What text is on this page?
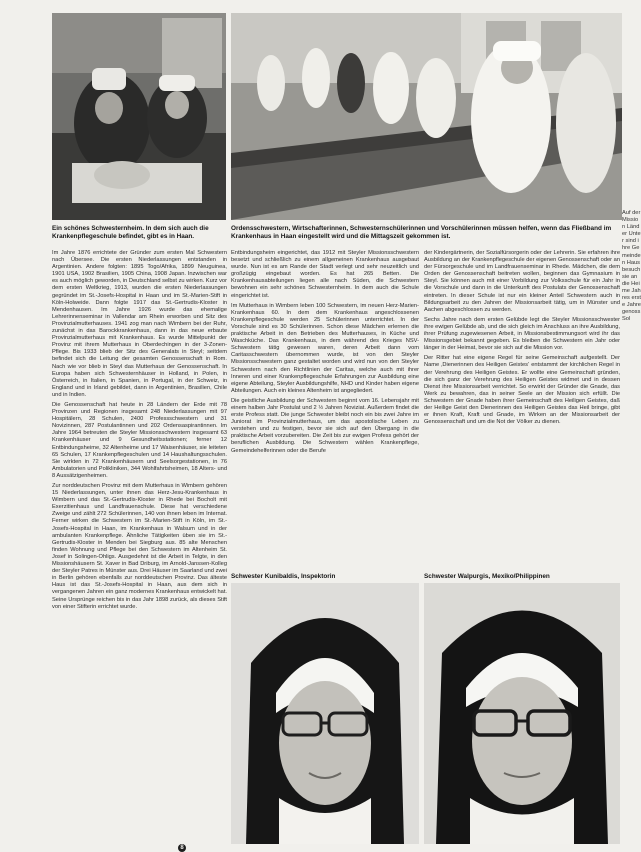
Ein schönes Schwesternheim. In dem sich auch die Krankenpflegeschule befindet, gibt es in Haan.
Ordensschwestern, Wirtschafterinnen, Schwesternschülerinnen und Vorschülerinnen müssen helfen, wenn das Fließband im Krankenhaus in Haan eingestellt wird und die Mittagszeit gekommen ist.

Im Jahre 1876 errichtete der Gründer zum ersten Mal Schwestern nach Übersee. Die ersten Niederlassungen entstanden in Argentinien. Andere folgten: 1895 Togo/Afrika, 1899 Neuguinea, 1901 USA, 1902 Brasilien, 1905 China, 1908 Japan. Inzwischen war es auch möglich geworden, in Deutschland selbst zu wirken. Kurz vor dem ersten Weltkrieg, 1913, wurden die ersten Niederlassungen gegründet im St.-Josefs-Hospital in Haan und im St.-Marien-Stift in Köln-Holweide. Dann folgte 1917 das St.-Gertrudis-Kloster in Mendenhausen. Im Jahre 1926 wurde das ehemalige Lehrerinnenseminar in Vallendar am Rhein erworben und Sitz des Provinzialmutterhauses. 1941 zog man nach Wimbern bei der Ruhr, zunächst in das Barockkrankenhaus, dann in das neue erbaute Provinzialmutterhaus mit Krankenhaus. Es wurde Mittelpunkt der Provinz mit ihrem Mutterhaus in Oberdechingen in der 3-Zonen-Pflege. Bis 1933 blieb der Sitz des Generalats in Steyl; seitdem befindet sich die Leitung der gesamten Genossenschaft in Rom. Nach wie vor blieb in Steyl das Mutterhaus der Genossenschaft. In Europa haben sich Schwesternhäuser in Holland, in Polen, in Österreich, in Italien, in Spanien, in Portugal, in der Schweiz, in England und in Irland gebildet, dann in Argentinien, Brasilien, Chile und in Indien.

Die Genossenschaft hat heute in 28 Ländern der Erde mit 78 Provinzen und Regionen insgesamt 248 Niederlassungen mit 97 Hospitälern, 28 Schulen, 2400 Professschwestern und 31 Novizinnen, 287 Postulantinnen und 202 Ordensaspirantinnen. Im Jahre 1964 betreuten die Steyler Missionsschwestern insgesamt 63 Krankenhäuser und 9 Gesundheitsstationen; ferner 12 Entbindungsheime, 32 Altenheime und 17 Waisenhäuser, sie leiteten 65 Schulen, 17 Krankenpflegeschulen und 14 Haushaltungsschulen. Sie wirkten in 72 Krankenhäusern und Seelsorgestationen, in 76 Ambulatorien und Polikliniken, 344 Wohlfahrtsheimen, 18 Alters- und 8 Aussätzigenheimen.

Zur norddeutschen Provinz mit dem Mutterhaus in Wimbern gehören 15 Niederlassungen, unter ihnen das Herz-Jesu-Krankenhaus in Wimbern und das St.-Gertrudis-Kloster in Rhede bei Bocholt mit Exerzitienhaus und Landfrauenschule. Diese hat verschiedene Zweige und zählt 272 Schülerinnen, 140 von ihnen leben im Internat. Ferner wirken die Schwestern im St.-Marien-Stift in Köln, im St.-Josefs-Hospital in Haan, im Krankenhaus in Walsum und in der ambulanten Krankenpflege. Ähnliche Tätigkeiten üben sie im St.-Gertrudis-Kloster in Menden bei Siegburg aus. 85 alte Menschen finden Wohnung und Pflege bei den Schwestern im Altenheim St. Josef in Solingen-Ohligs. Ausgedehnt ist die Arbeit in Telgte, in den Missionshäusern St. Xaver in Bad Driburg, im Arnold-Janssen-Kolleg der Steyler Patres in Münster aus. Drei Häuser im Saarland und zwei in Berlin gehören ebenfalls zur norddeutschen Provinz. Das älteste Haus ist das St.-Josefs-Hospital in Haan, aus dem sich in vergangenen Jahren ein ganz modernes Krankenhaus entwickelt hat. Seine Ursprünge reichen bis in das Jahr 1898 zurück, als dieses Stift von einer Stifterin errichtet wurde.

Entbindungsheim eingerichtet, das 1912 mit Steyler Missionsschwestern besetzt und schließlich zu einem allgemeinen Krankenhaus ausgebaut wurde. Nun ist es am Rande der Stadt verlegt und sehr neuzeitlich und großzügig eingebaut worden. Es hat 265 Betten. Die Krankenhausabteilungen liegen alle nach Süden, die Schwestern bewohnen ein sehr schönes Schwesternheim. In dem auch die Schule eingerichtet ist.

Im Mutterhaus in Wimbern leben 100 Schwestern, im neuen Herz-Marien-Krankenhaus 60. In dem dem Krankenhaus angeschlossenen Krankenpflegeschule werden 25 Schülerinnen unterrichtet. In der Vorschule sind es 30 Schülerinnen. Schon diese Mädchen erlernen die praktische Arbeit in den Betrieben des Mutterhauses, in Küche und Waschküche. Das Krankenhaus, in dem während des Krieges NSV-Schwestern tätig gewesen waren, deren Arbeit dann vom Caritasschwestern übernommen wurde, ist von den Steyler Missionsschwestern ganz gestaltet worden und wird nun von den Steyler Schwestern nach den Richtlinien der Caritas, welche auch mit ihrer Inneren und einer Krankenpflegeschule Erfahrungen zur Ausbildung eine eigene Abteilung, Steyler Ausbildungshilfe, NHD und Kinder haben eigene Abteilungen. Auch ein kleines Altenheim ist angegliedert.

Die geistliche Ausbildung der Schwestern beginnt vom 16. Lebensjahr mit einem halben Jahr Postulat und 2 ½ Jahren Noviziat. Außerdem findet die erste Profess statt. Die junge Schwester bleibt noch ein bis zwei Jahre im Juniorat im Provinzialmutterhaus, um das apostolische Leben zu verstehen und zu festigen, bevor sie sich auf den Übergang in die praktische Arbeit vorzubereiten. Die Zeit bis zur ewigen Profess gehört der beruflichen Ausbildung. Die Schwestern wählen Krankenpflege, Gemeindehelferinnen oder die Berufe

der Kindergärtnerin, der Sozialfürsorgerin oder der Lehrerin. Sie erfahren ihre Ausbildung an der Krankenpflegeschule der eigenen Genossenschaft oder an der Fürsorgeschule und im Landfrauenseminar in Rhede. Mädchen, die dem Orden der Genossenschaft beitreten wollen, beginnen das Gymnasium in Steyl. Sie können auch mit einer Vorbildung zur Volksschule für ein Jahr in die Vorschule und dann in die Unterkunft des Postulats der Genossenschaft eintreten. In dieser Schule ist nur ein kleiner Anteil Schwestern auch in Bildungsarbeit zu den Jahren der Missionsarbeit tätig, um in Münster und Aachen abgeschlossen zu werden.

Sechs Jahre nach dem ersten Gelübde legt die Steyler Missionsschwester ihre ewigen Gelübde ab, und die sich gleich im Anschluss an ihre Ausbildung, ihrer Prüfung zugewiesenen Arbeit, in Missionsbestimmungsort wird ihr das Missionsgebiet bekannt gegeben. Es bleiben die Schwestern ein Jahr oder länger in der Heimat, bevor sie sich auf die Mission vor.

Der Ritter hat eine eigene Regel für seine Gemeinschaft aufgestellt. Der Name ‚Dienerinnen des Heiligen Geistes‘ entstammt der kirchlichen Regel in der Verehrung des Heiligen Geistes. Er wollte eine Gemeinschaft gründen, die sich ganz der Verehrung des Heiligen Geistes widmet und in dessen Dienst ihre Missionsarbeit verrichtet. So erwirkt der Gründer die Gnade, das Werk zu bewahren, das in seiner Seele an der Mission sich erfüllt. Die Schwestern der Gnade haben ihrer Gemeinschaft des Heiligen Geistes, daß der Heilige Geist den Dienerinnen des Heiligen Geistes das Heil bringe, gibt er ihnen Kraft, Kraft und Gnade, im Wirken an der Missionsarbeit der Genossenschaft und um die Not der Völker zu dienen.

Auf der Mission Länder Unter sind ihre Gemeinden Hausbesuch sie an die Heime Jahres erste Jahre genoss Sol
Schwester Kunibaldis, Inspektorin	Schwester Walpurgis, Mexiko/Philippinen
8
